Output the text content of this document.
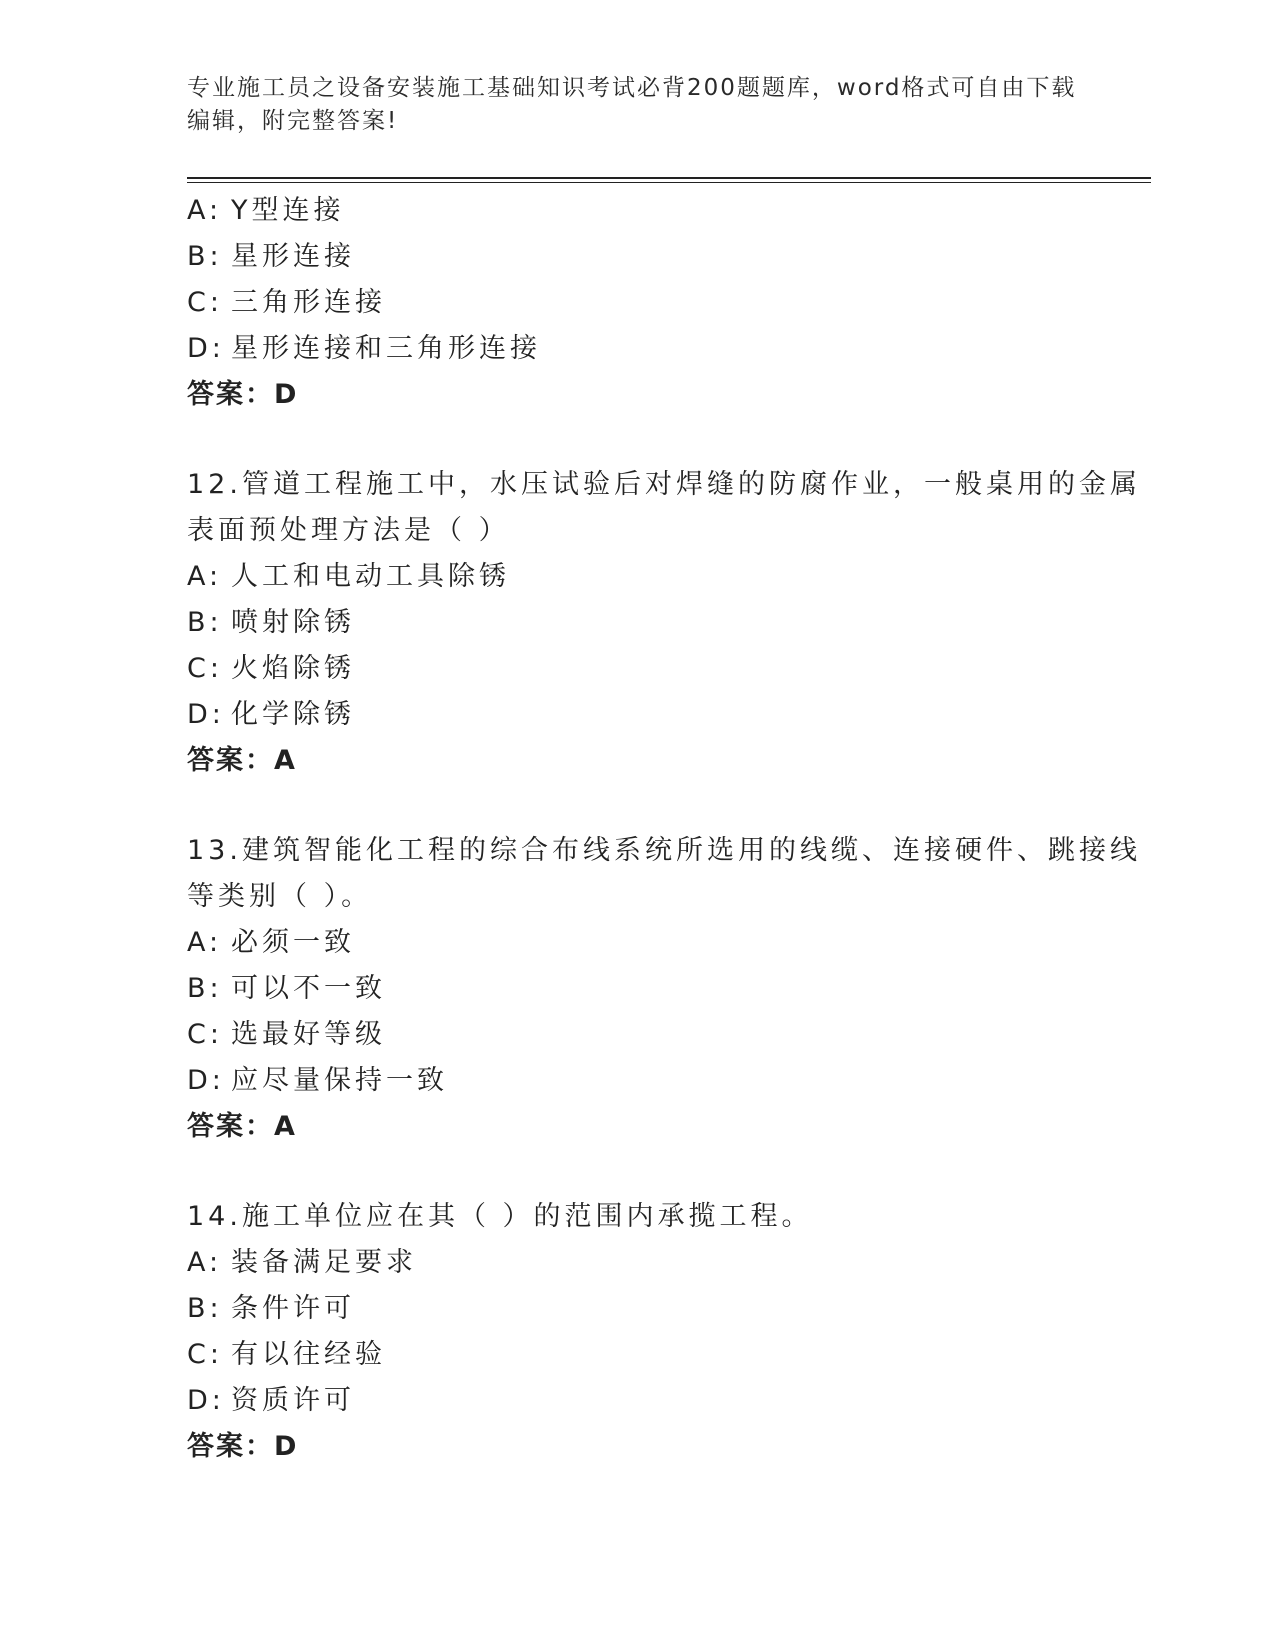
专业施工员之设备安装施工基础知识考试必背200题题库，word格式可自由下载
编辑，附完整答案!
A: Y型连接
B: 星形连接
C: 三角形连接
D: 星形连接和三角形连接
答案：D
12.管道工程施工中，水压试验后对焊缝的防腐作业，一般桌用的金属
表面预处理方法是（ ）
A: 人工和电动工具除锈
B: 喷射除锈
C: 火焰除锈
D: 化学除锈
答案：A
13.建筑智能化工程的综合布线系统所选用的线缆、连接硬件、跳接线
等类别（ ）。
A: 必须一致
B: 可以不一致
C: 选最好等级
D: 应尽量保持一致
答案：A
14.施工单位应在其（ ）的范围内承揽工程。
A: 装备满足要求
B: 条件许可
C: 有以往经验
D: 资质许可
答案：D
